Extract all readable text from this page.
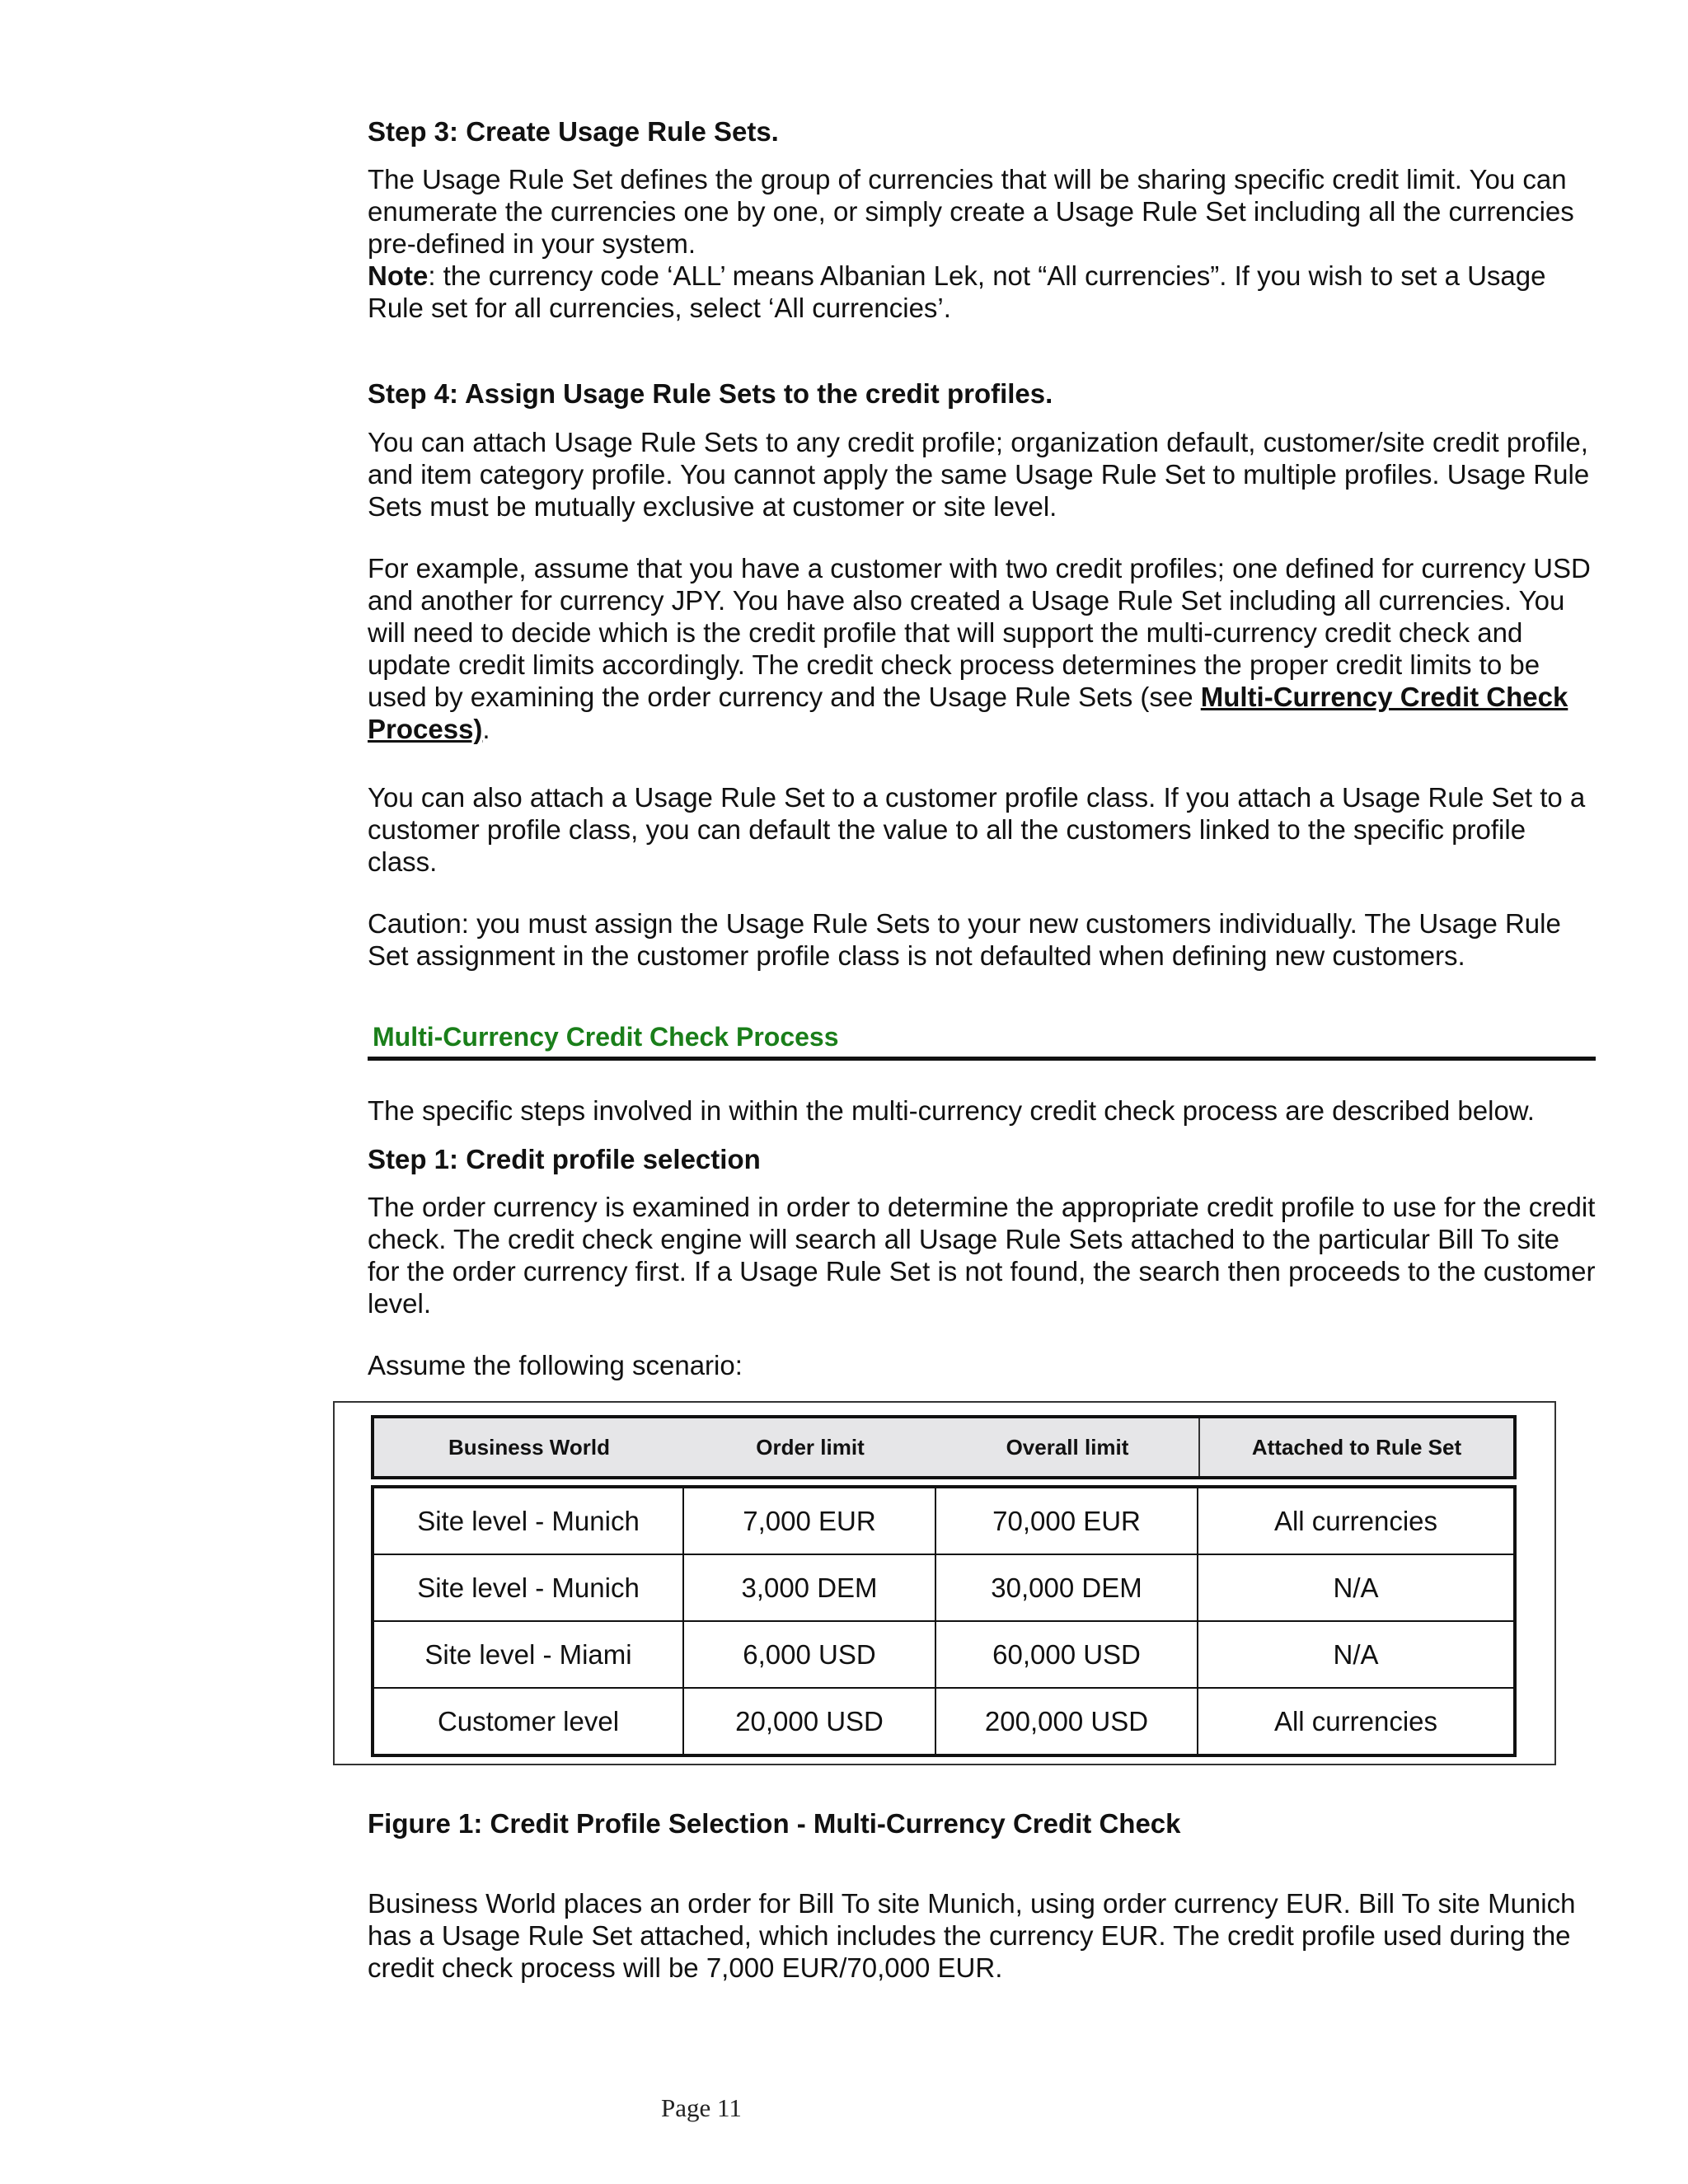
Step 3: Create Usage Rule Sets.

The Usage Rule Set defines the group of currencies that will be sharing specific credit limit. You can enumerate the currencies one by one, or simply create a Usage Rule Set including all the currencies pre-defined in your system.
Note: the currency code ‘ALL’ means Albanian Lek, not “All currencies”. If you wish to set a Usage Rule set for all currencies, select ‘All currencies’.

Step 4: Assign Usage Rule Sets to the credit profiles.

You can attach Usage Rule Sets to any credit profile; organization default, customer/site credit profile, and item category profile. You cannot apply the same Usage Rule Set to multiple profiles. Usage Rule Sets must be mutually exclusive at customer or site level.

For example, assume that you have a customer with two credit profiles; one defined for currency USD and another for currency JPY. You have also created a Usage Rule Set including all currencies. You will need to decide which is the credit profile that will support the multi-currency credit check and update credit limits accordingly. The credit check process determines the proper credit limits to be used by examining the order currency and the Usage Rule Sets (see Multi-Currency Credit Check Process).

You can also attach a Usage Rule Set to a customer profile class. If you attach a Usage Rule Set to a customer profile class, you can default the value to all the customers linked to the specific profile class.

Caution: you must assign the Usage Rule Sets to your new customers individually. The Usage Rule Set assignment in the customer profile class is not defaulted when defining new customers.

Multi-Currency Credit Check Process

The specific steps involved in within the multi-currency credit check process are described below.

Step 1: Credit profile selection

The order currency is examined in order to determine the appropriate credit profile to use for the credit check. The credit check engine will search all Usage Rule Sets attached to the particular Bill To site for the order currency first. If a Usage Rule Set is not found, the search then proceeds to the customer level.

Assume the following scenario:

Business World	Order limit	Overall limit	Attached to Rule Set
Site level - Munich	7,000 EUR	70,000 EUR	All currencies
Site level - Munich	3,000 DEM	30,000 DEM	N/A
Site level - Miami	6,000 USD	60,000 USD	N/A
Customer level	20,000 USD	200,000 USD	All currencies

Figure 1: Credit Profile Selection - Multi-Currency Credit Check

Business World places an order for Bill To site Munich, using order currency EUR. Bill To site Munich has a Usage Rule Set attached, which includes the currency EUR. The credit profile used during the credit check process will be 7,000 EUR/70,000 EUR.

Page 11
